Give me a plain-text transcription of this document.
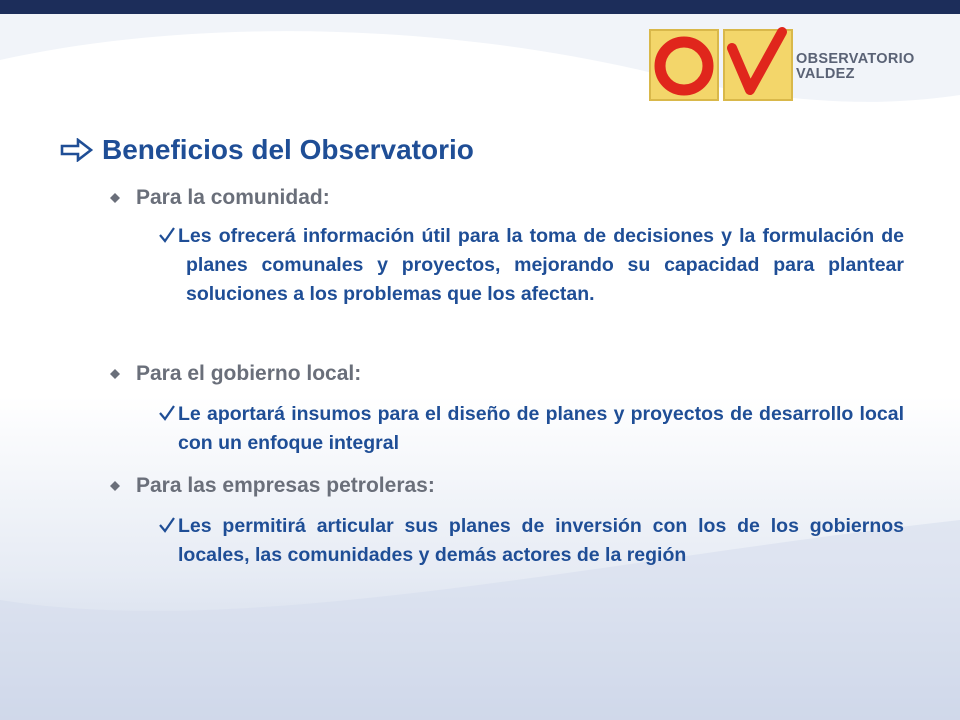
OBSERVATORIO
VALDEZ
Beneficios del Observatorio
Para la comunidad:
Les ofrecerá información útil para la toma de decisiones y la formulación de planes comunales y proyectos, mejorando su capacidad para plantear soluciones a los problemas que los afectan.
Para el gobierno local:
Le aportará insumos para el diseño de planes y proyectos de desarrollo local con un enfoque integral
Para las empresas petroleras:
Les permitirá articular sus planes de inversión con los de los gobiernos locales, las comunidades y demás actores de la región
